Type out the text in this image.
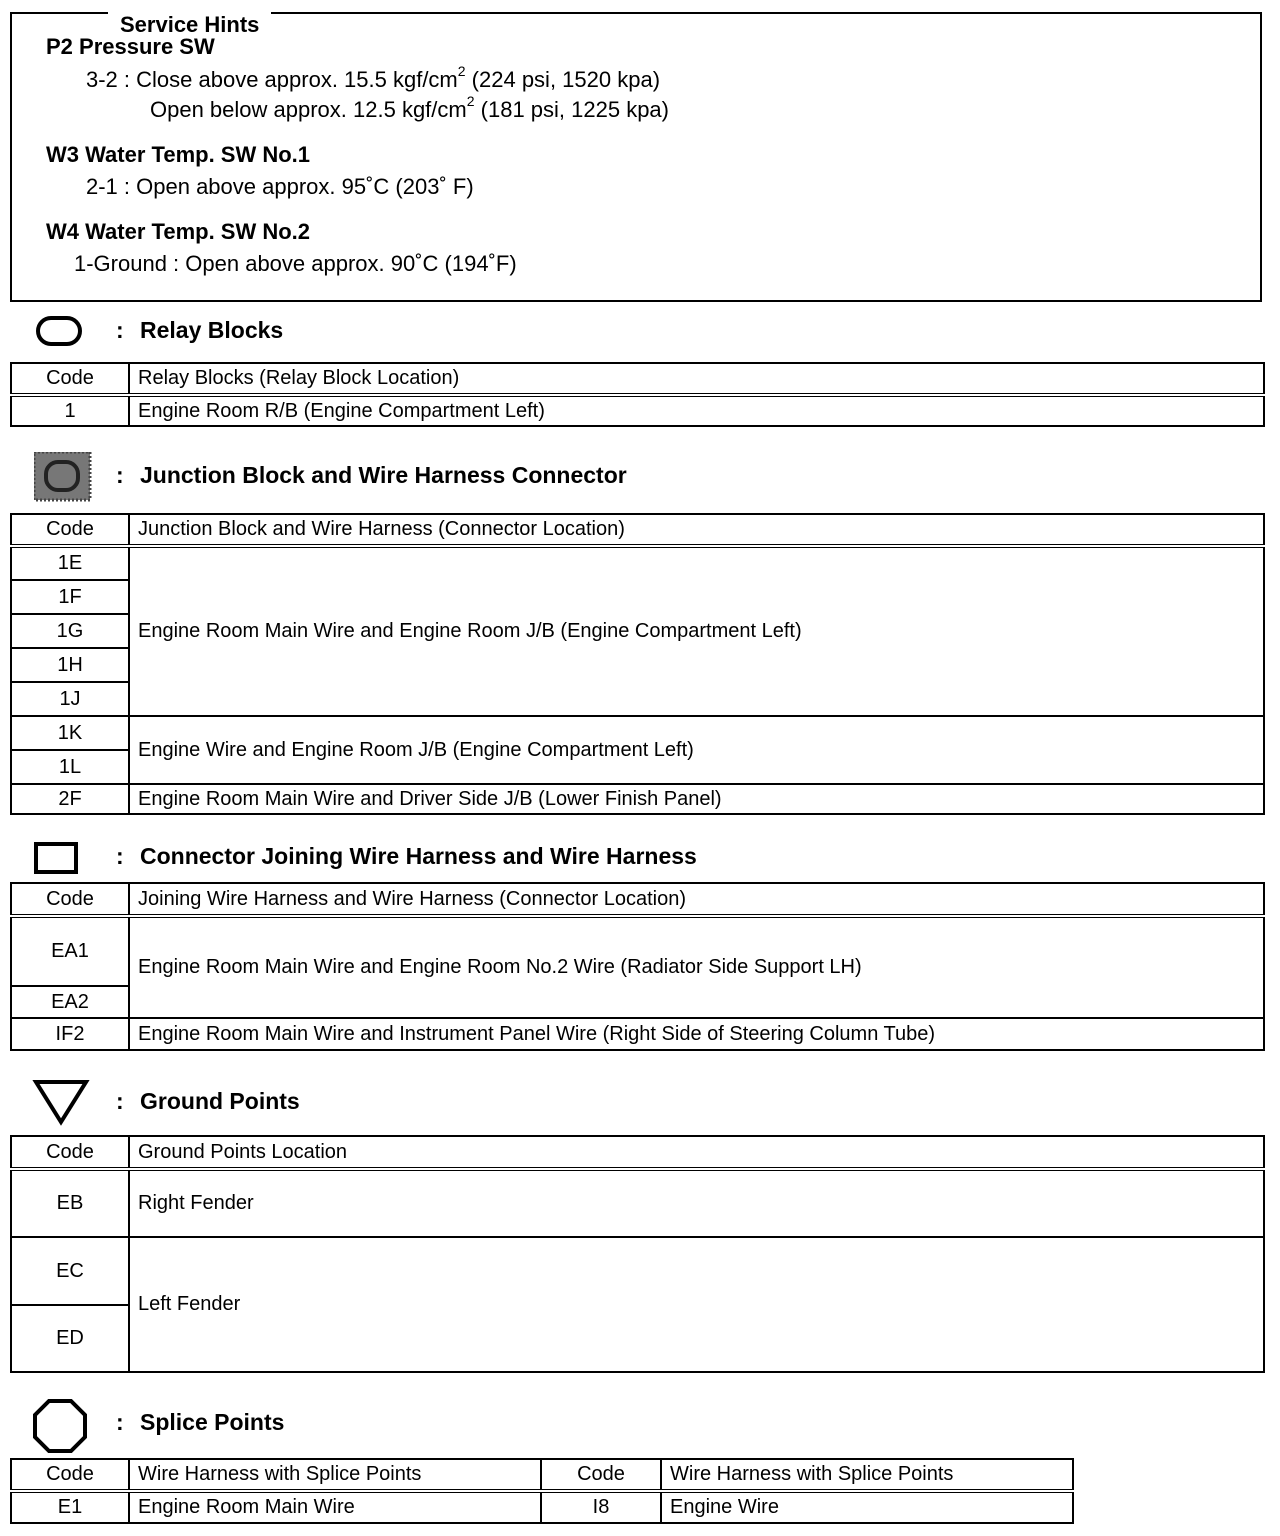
Service Hints
P2 Pressure SW
3-2 : Close above approx. 15.5 kgf/$cm^2$ (224 psi, 1520 kpa)
Open below approx. 12.5 kgf/$cm^2$ (181 psi, 1225 kpa)
W3 Water Temp. SW No.1
2-1 : Open above approx. 95˚C (203˚ F)
W4 Water Temp. SW No.2
1-Ground : Open above approx. 90˚C (194˚F)
: Relay Blocks
Code	Relay Blocks (Relay Block Location)
1	Engine Room R/B (Engine Compartment Left)
: Junction Block and Wire Harness Connector
Code	Junction Block and Wire Harness (Connector Location)
1E	Engine Room Main Wire and Engine Room J/B (Engine Compartment Left)
1F	
1G	
1H	
1J	
1K	Engine Wire and Engine Room J/B (Engine Compartment Left)
1L	
2F	Engine Room Main Wire and Driver Side J/B (Lower Finish Panel)
: Connector Joining Wire Harness and Wire Harness
Code	Joining Wire Harness and Wire Harness (Connector Location)
EA1	Engine Room Main Wire and Engine Room No.2 Wire (Radiator Side Support LH)
EA2	
IF2	Engine Room Main Wire and Instrument Panel Wire (Right Side of Steering Column Tube)
: Ground Points
Code	Ground Points Location
EB	Right Fender
EC	Left Fender
ED	
: Splice Points
Code	Wire Harness with Splice Points	Code	Wire Harness with Splice Points
E1	Engine Room Main Wire	I8	Engine Wire
